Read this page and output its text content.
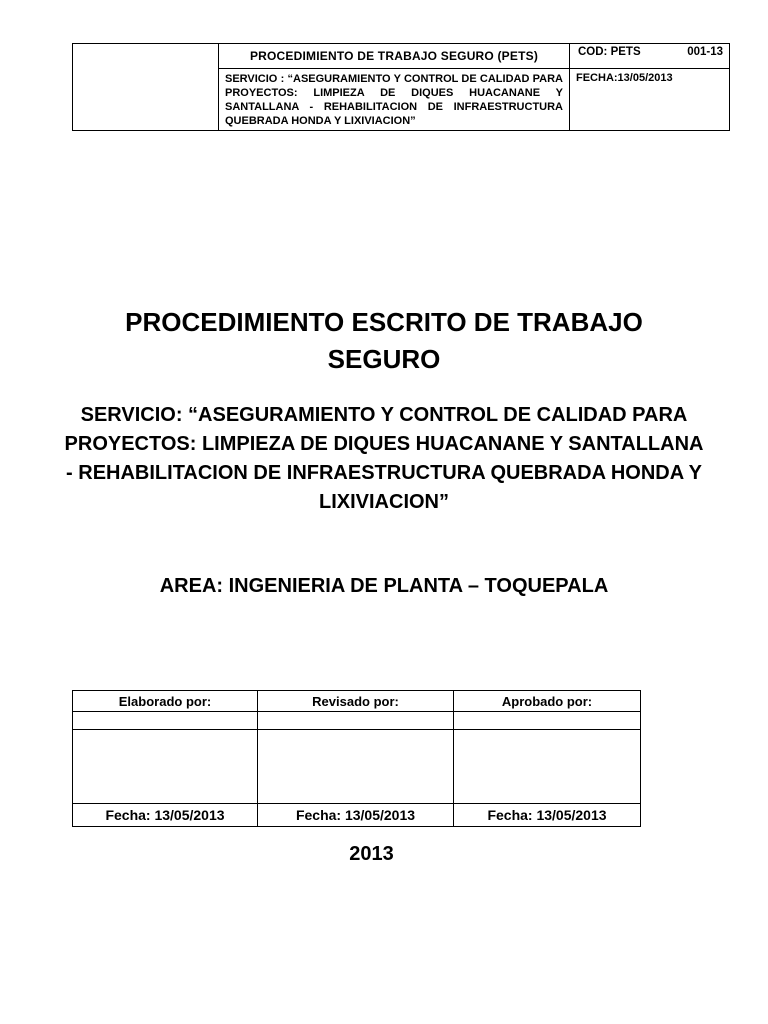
	PROCEDIMIENTO DE TRABAJO SEGURO (PETS)	COD: PETS 001-13

	SERVICIO : “ASEGURAMIENTO Y CONTROL DE CALIDAD PARA PROYECTOS: LIMPIEZA DE DIQUES HUACANANE Y SANTALLANA - REHABILITACION DE INFRAESTRUCTURA QUEBRADA HONDA Y LIXIVIACION”	FECHA:13/05/2013
PROCEDIMIENTO ESCRITO DE TRABAJO SEGURO
SERVICIO: “ASEGURAMIENTO Y CONTROL DE CALIDAD PARA PROYECTOS: LIMPIEZA DE DIQUES HUACANANE Y SANTALLANA - REHABILITACION DE INFRAESTRUCTURA QUEBRADA HONDA Y LIXIVIACION”
AREA: INGENIERIA DE PLANTA – TOQUEPALA
Elaborado por:	Revisado por:	Aprobado por:

Fecha: 13/05/2013	Fecha: 13/05/2013	Fecha: 13/05/2013
2013
